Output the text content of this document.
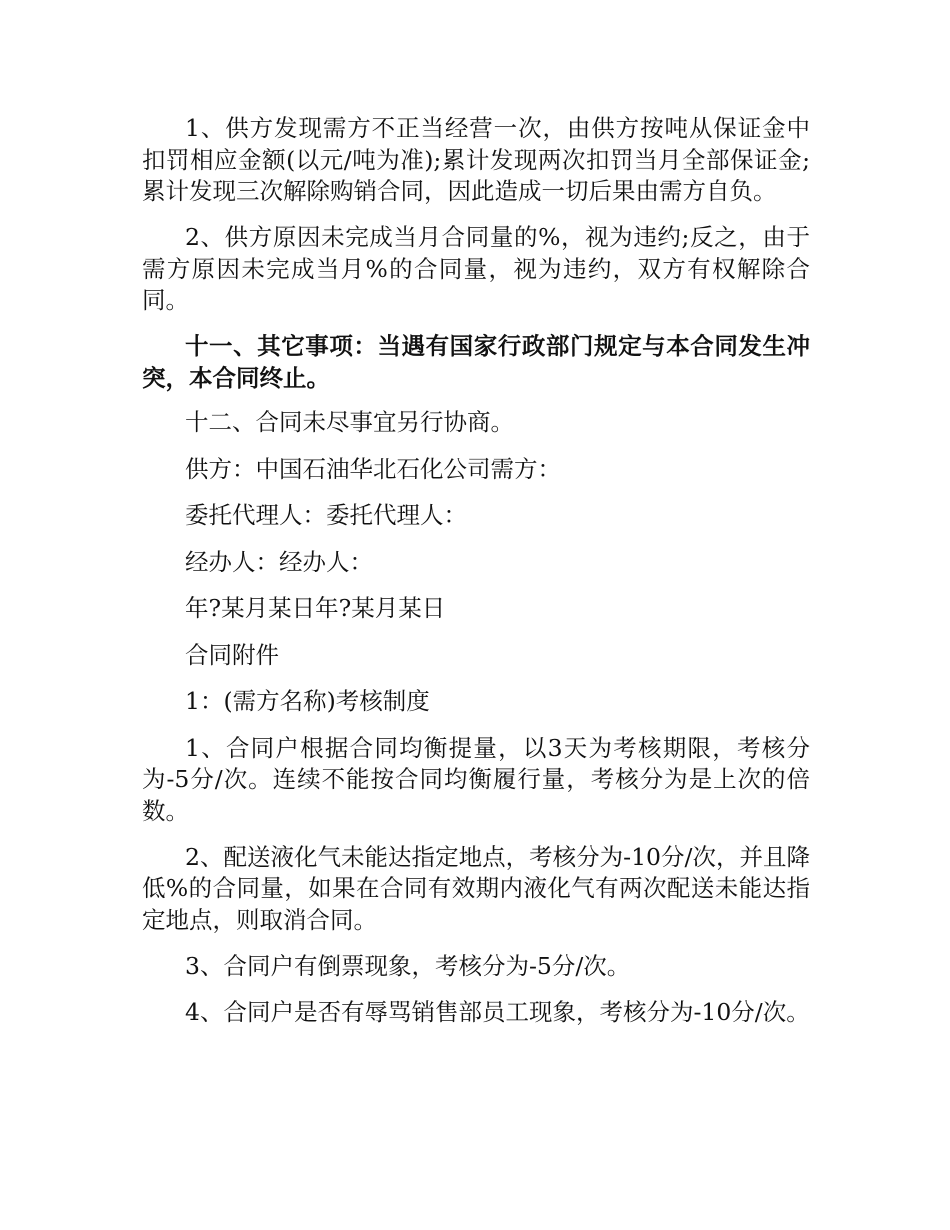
1、供方发现需方不正当经营一次，由供方按吨从保证金中扣罚相应金额(以元/吨为准);累计发现两次扣罚当月全部保证金;累计发现三次解除购销合同，因此造成一切后果由需方自负。

2、供方原因未完成当月合同量的%，视为违约;反之，由于需方原因未完成当月%的合同量，视为违约，双方有权解除合同。

十一、其它事项：当遇有国家行政部门规定与本合同发生冲突，本合同终止。

十二、合同未尽事宜另行协商。

供方：中国石油华北石化公司需方：

委托代理人：委托代理人：

经办人：经办人：

年?某月某日年?某月某日

合同附件

1：(需方名称)考核制度

1、合同户根据合同均衡提量，以3天为考核期限，考核分为-5分/次。连续不能按合同均衡履行量，考核分为是上次的倍数。

2、配送液化气未能达指定地点，考核分为-10分/次，并且降低%的合同量，如果在合同有效期内液化气有两次配送未能达指定地点，则取消合同。

3、合同户有倒票现象，考核分为-5分/次。

4、合同户是否有辱骂销售部员工现象，考核分为-10分/次。
